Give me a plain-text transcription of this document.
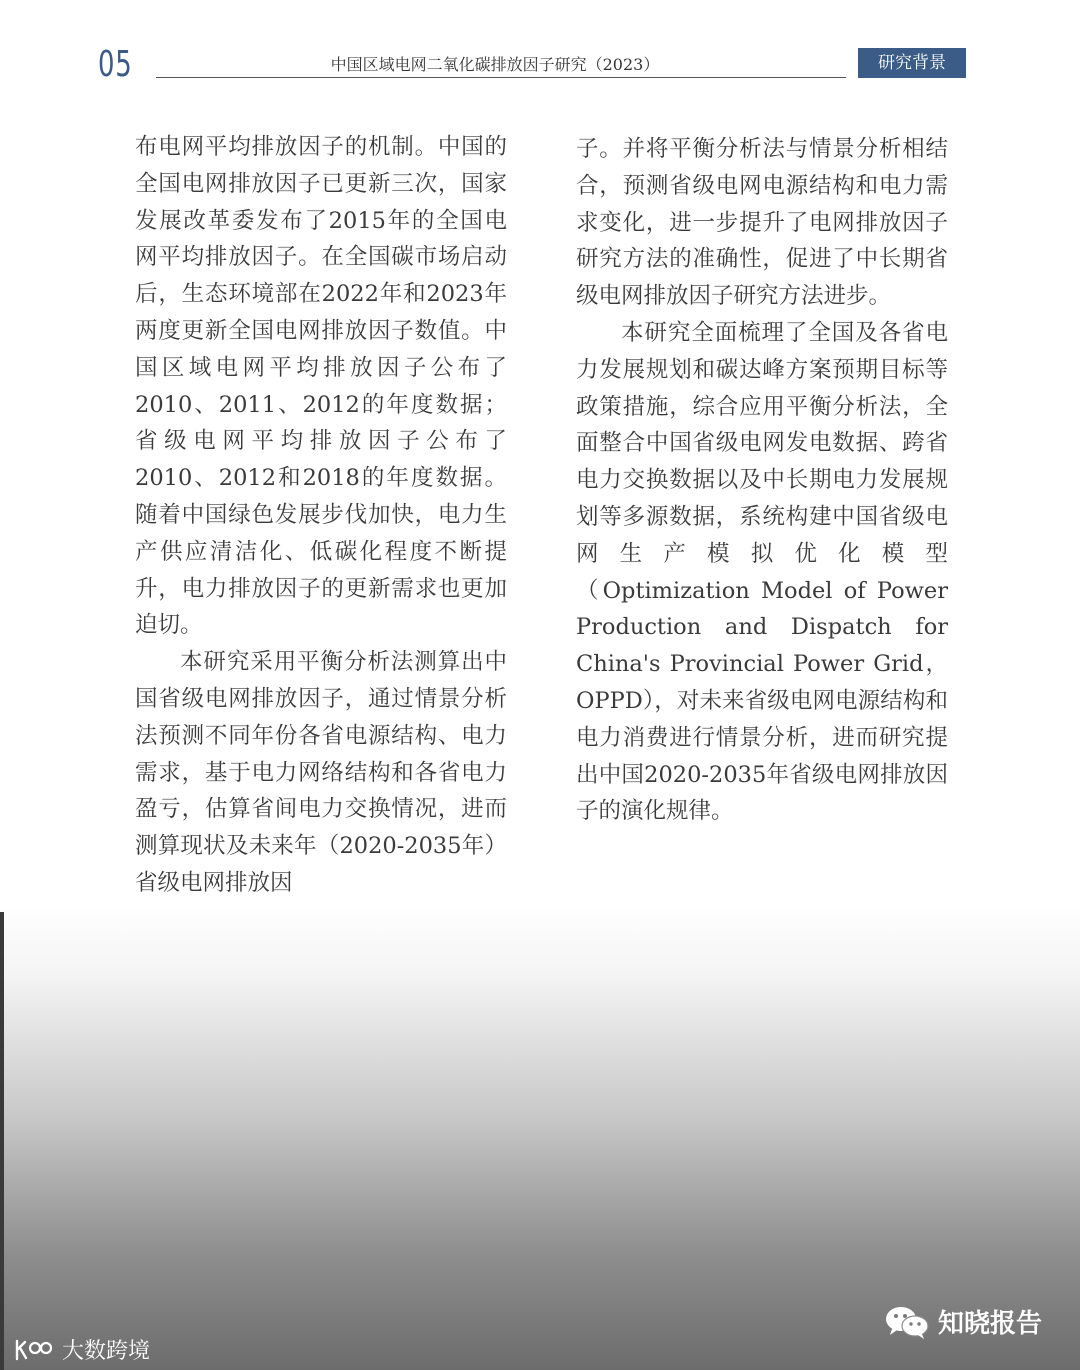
05	中国区域电网二氧化碳排放因子研究（2023）	研究背景

布电网平均排放因子的机制。中国的全国电网排放因子已更新三次，国家发展改革委发布了2015年的全国电网平均排放因子。在全国碳市场启动后，生态环境部在2022年和2023年两度更新全国电网排放因子数值。中国区域电网平均排放因子公布了2010、2011、2012的年度数据；省级电网平均排放因子公布了2010、2012和2018的年度数据。随着中国绿色发展步伐加快，电力生产供应清洁化、低碳化程度不断提升，电力排放因子的更新需求也更加迫切。

本研究采用平衡分析法测算出中国省级电网排放因子，通过情景分析法预测不同年份各省电源结构、电力需求，基于电力网络结构和各省电力盈亏，估算省间电力交换情况，进而测算现状及未来年（2020-2035年）省级电网排放因

子。并将平衡分析法与情景分析相结合，预测省级电网电源结构和电力需求变化，进一步提升了电网排放因子研究方法的准确性，促进了中长期省级电网排放因子研究方法进步。

本研究全面梳理了全国及各省电力发展规划和碳达峰方案预期目标等政策措施，综合应用平衡分析法，全面整合中国省级电网发电数据、跨省电力交换数据以及中长期电力发展规划等多源数据，系统构建中国省级电网生产模拟优化模型（Optimization Model of Power Production and Dispatch for China's Provincial Power Grid，OPPD），对未来省级电网电源结构和电力消费进行情景分析，进而研究提出中国2020-2035年省级电网排放因子的演化规律。

大数跨境
知晓报告
